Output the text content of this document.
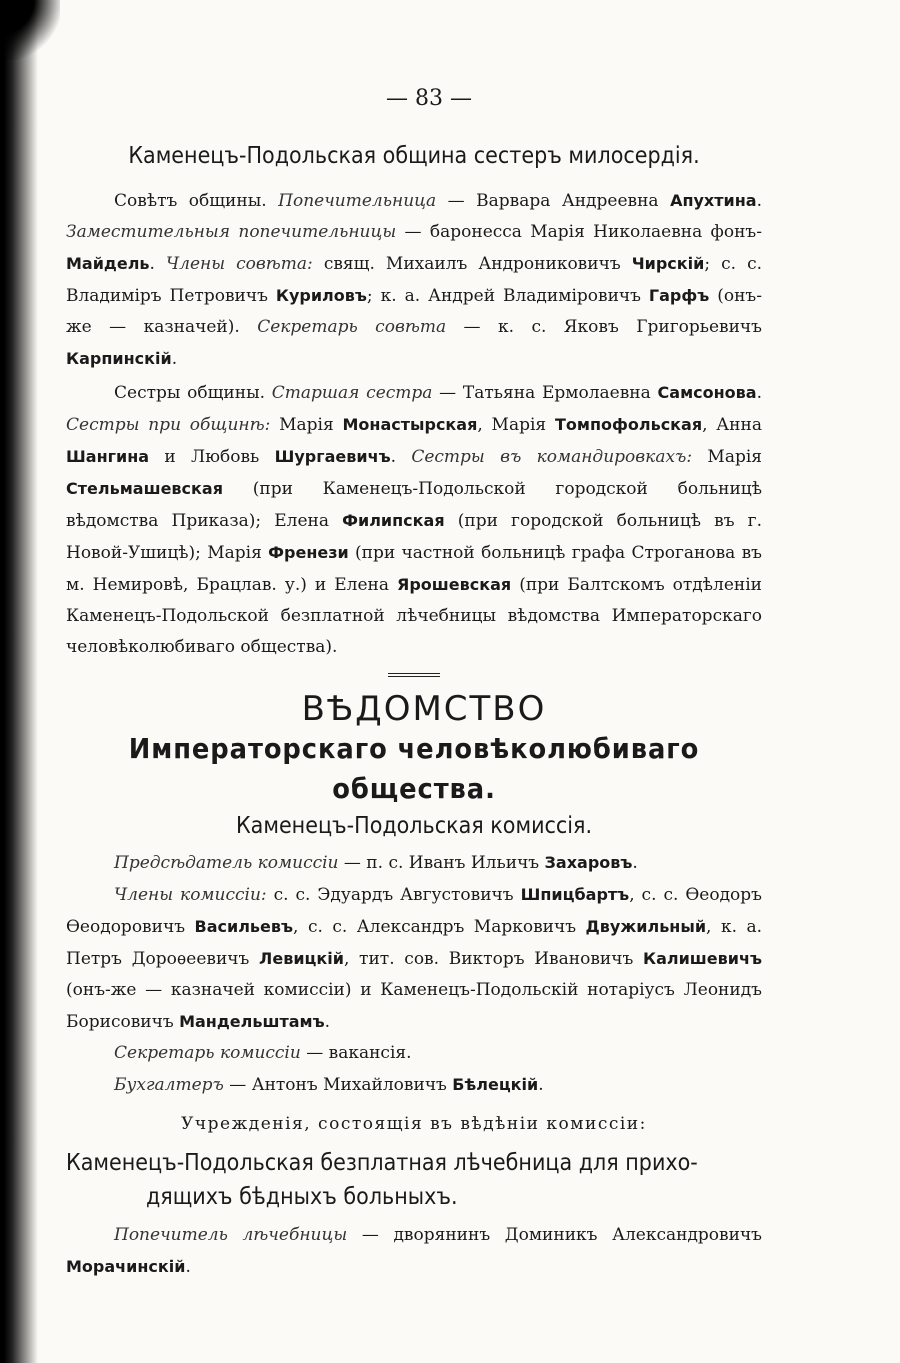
— 83 —
Каменецъ-Подольская община сестеръ милосердія.

Совѣтъ общины. Попечительница — Варвара Андреевна Апухтина. Заместительныя попечительницы — баронесса Марія Николаевна фонъ-Майдель. Члены совѣта: свящ. Михаилъ Андрониковичъ Чирскій; с. с. Владиміръ Петровичъ Куриловъ; к. а. Андрей Владиміровичъ Гарфъ (онъ-же — казначей). Секретарь совѣта — к. с. Яковъ Григорьевичъ Карпинскій.

Сестры общины. Старшая сестра — Татьяна Ермолаевна Самсонова. Сестры при общинѣ: Марія Монастырская, Марія Томпофольская, Анна Шангина и Любовь Шургаевичъ. Сестры въ командировкахъ: Марія Стельмашевская (при Каменецъ-Подольской городской больницѣ вѣдомства Приказа); Елена Филипская (при городской больницѣ въ г. Новой-Ушицѣ); Марія Френези (при частной больницѣ графа Строганова въ м. Немировѣ, Брацлав. у.) и Елена Ярошевская (при Балтскомъ отдѣленіи Каменецъ-Подольской безплатной лѣчебницы вѣдомства Императорскаго человѣколюбиваго общества).

ВѢДОМСТВО
Императорскаго человѣколюбиваго общества.
Каменецъ-Подольская комиссія.

Предсѣдатель комиссіи — п. с. Иванъ Ильичъ Захаровъ.

Члены комиссіи: с. с. Эдуардъ Августовичъ Шпицбартъ, с. с. Өеодоръ Өеодоровичъ Васильевъ, с. с. Александръ Марковичъ Двужильный, к. а. Петръ Дороѳеевичъ Левицкій, тит. сов. Викторъ Ивановичъ Калишевичъ (онъ-же — казначей комиссіи) и Каменецъ-Подольскій нотаріусъ Леонидъ Борисовичъ Мандельштамъ.

Секретарь комиссіи — вакансія.

Бухгалтеръ — Антонъ Михайловичъ Бѣлецкій.

Учрежденія, состоящія въ вѣдѣніи комиссіи:
Каменецъ-Подольская безплатная лѣчебница для прихо-
дящихъ бѣдныхъ больныхъ.

Попечитель лѣчебницы — дворянинъ Доминикъ Александровичъ Морачинскій.
